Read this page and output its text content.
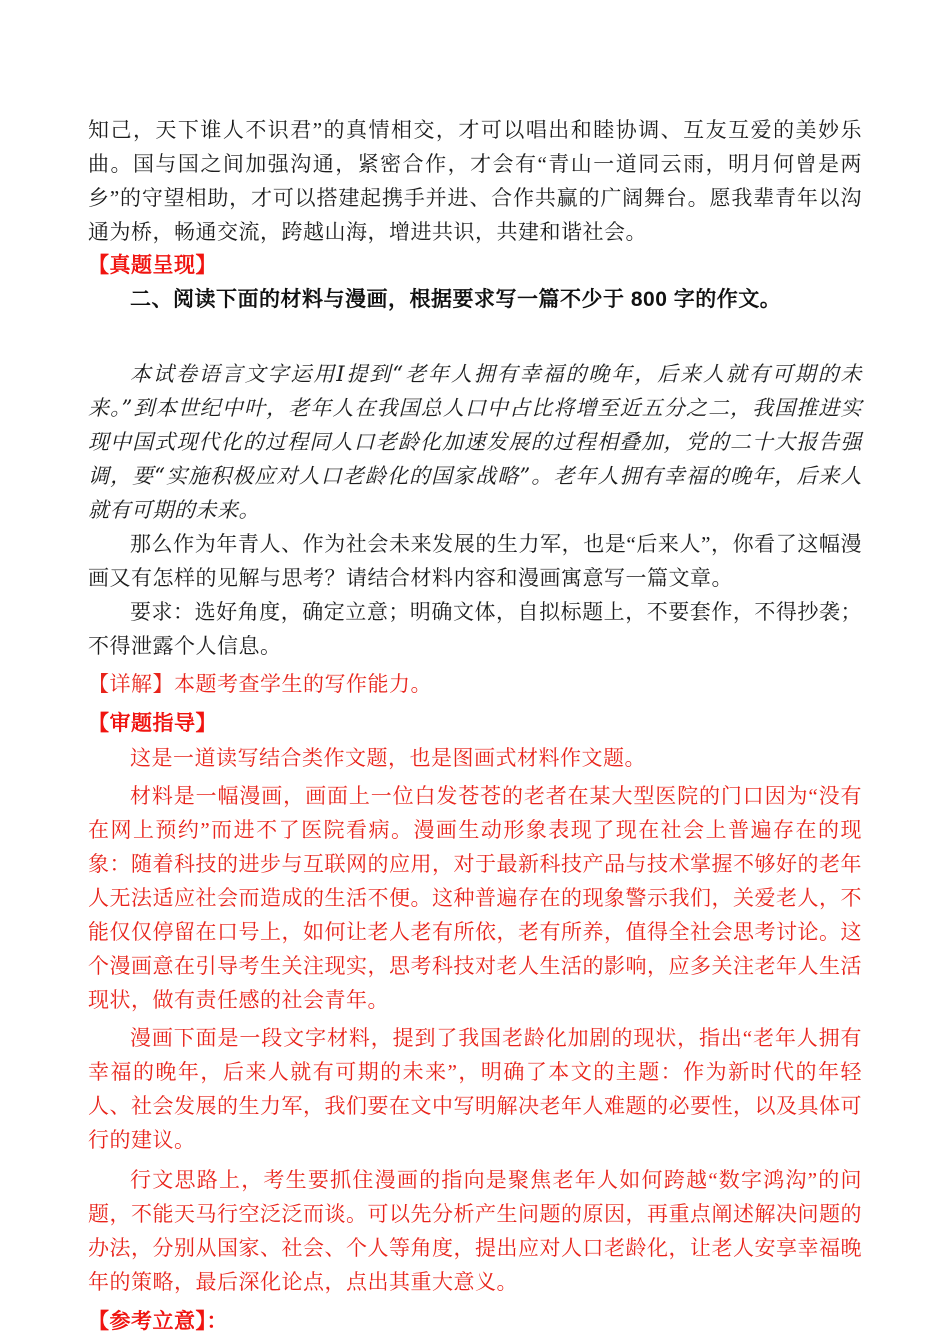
知己，天下谁人不识君”的真情相交，才可以唱出和睦协调、互友互爱的美妙乐曲。国与国之间加强沟通，紧密合作，才会有“青山一道同云雨，明月何曾是两乡”的守望相助，才可以搭建起携手并进、合作共赢的广阔舞台。愿我辈青年以沟通为桥，畅通交流，跨越山海，增进共识，共建和谐社会。

【真题呈现】

二、阅读下面的材料与漫画，根据要求写一篇不少于 800 字的作文。

本试卷语言文字运用Ⅰ提到“老年人拥有幸福的晚年，后来人就有可期的未来。”到本世纪中叶，老年人在我国总人口中占比将增至近五分之二，我国推进实现中国式现代化的过程同人口老龄化加速发展的过程相叠加，党的二十大报告强调，要“实施积极应对人口老龄化的国家战略”。老年人拥有幸福的晚年，后来人就有可期的未来。

那么作为年青人、作为社会未来发展的生力军，也是“后来人”，你看了这幅漫画又有怎样的见解与思考？请结合材料内容和漫画寓意写一篇文章。

要求：选好角度，确定立意；明确文体，自拟标题上，不要套作，不得抄袭；不得泄露个人信息。

【详解】本题考查学生的写作能力。

【审题指导】

这是一道读写结合类作文题，也是图画式材料作文题。

材料是一幅漫画，画面上一位白发苍苍的老者在某大型医院的门口因为“没有在网上预约”而进不了医院看病。漫画生动形象表现了现在社会上普遍存在的现象：随着科技的进步与互联网的应用，对于最新科技产品与技术掌握不够好的老年人无法适应社会而造成的生活不便。这种普遍存在的现象警示我们，关爱老人，不能仅仅停留在口号上，如何让老人老有所依，老有所养，值得全社会思考讨论。这个漫画意在引导考生关注现实，思考科技对老人生活的影响，应多关注老年人生活现状，做有责任感的社会青年。

漫画下面是一段文字材料，提到了我国老龄化加剧的现状，指出“老年人拥有幸福的晚年，后来人就有可期的未来”，明确了本文的主题：作为新时代的年轻人、社会发展的生力军，我们要在文中写明解决老年人难题的必要性，以及具体可行的建议。

行文思路上，考生要抓住漫画的指向是聚焦老年人如何跨越“数字鸿沟”的问题，不能天马行空泛泛而谈。可以先分析产生问题的原因，再重点阐述解决问题的办法，分别从国家、社会、个人等角度，提出应对人口老龄化，让老人安享幸福晚年的策略，最后深化论点，点出其重大意义。

【参考立意】：
